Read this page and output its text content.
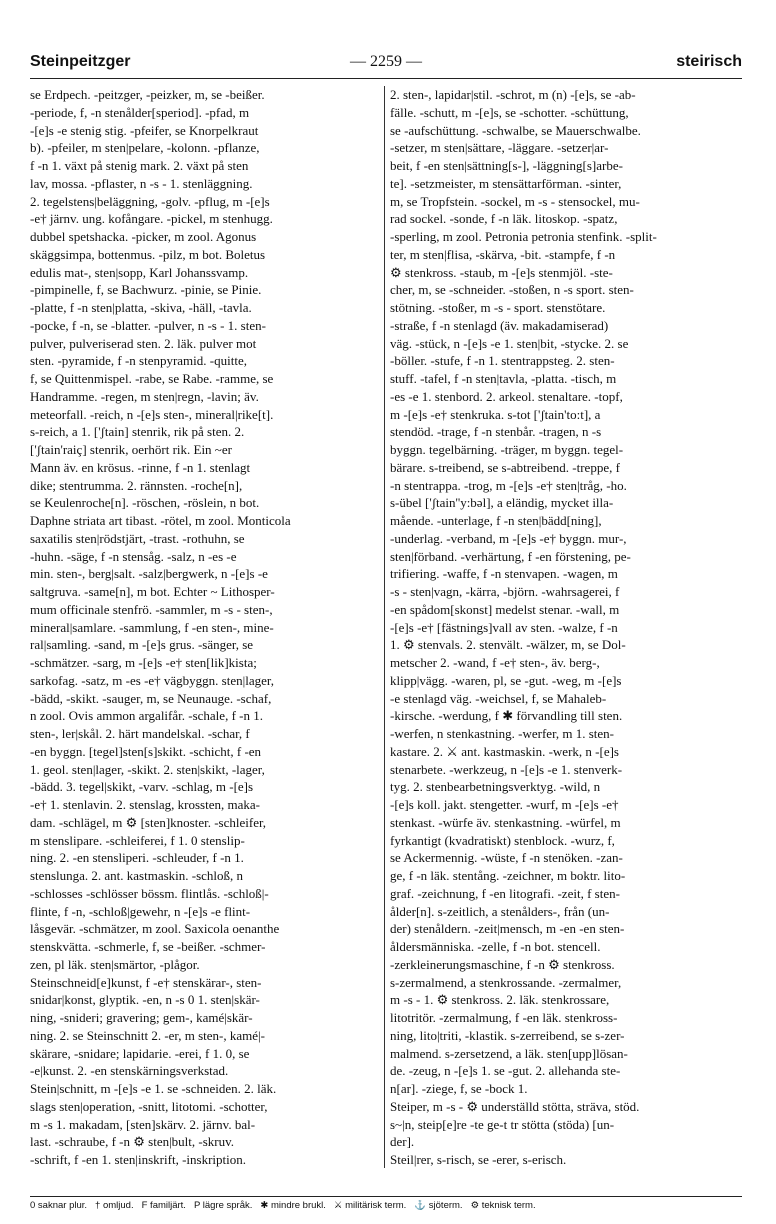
Steinpeitzger	— 2259 —	steirisch

se Erdpech. -peitzger, -peizker, m, se -beißer.

-periode, f, -n stenålder[speriod]. -pfad, m

-[e]s -e stenig stig. -pfeifer, se Knorpelkraut

b). -pfeiler, m sten|pelare, -kolonn. -pflanze,

f -n 1. växt på stenig mark. 2. växt på sten

lav, mossa. -pflaster, n -s - 1. stenläggning.

2. tegelstens|beläggning, -golv. -pflug, m -[e]s

-e† järnv. ung. kofångare. -pickel, m stenhugg.

dubbel spetshacka. -picker, m zool. Agonus

skäggsimpa, bottenmus. -pilz, m bot. Boletus

edulis mat-, sten|sopp, Karl Johanssvamp.

-pimpinelle, f, se Bachwurz. -pinie, se Pinie.

-platte, f -n sten|platta, -skiva, -häll, -tavla.

-pocke, f -n, se -blatter. -pulver, n -s - 1. sten-

pulver, pulveriserad sten. 2. läk. pulver mot

sten. -pyramide, f -n stenpyramid. -quitte,

f, se Quittenmispel. -rabe, se Rabe. -ramme, se

Handramme. -regen, m sten|regn, -lavin; äv.

meteorfall. -reich, n -[e]s sten-, mineral|rike[t].

s-reich, a 1. ['ʃtain] stenrik, rik på sten. 2.

['ʃtain'raiç] stenrik, oerhört rik. Ein ~er

Mann äv. en krösus. -rinne, f -n 1. stenlagt

dike; stentrumma. 2. rännsten. -roche[n],

se Keulenroche[n]. -röschen, -röslein, n bot.

Daphne striata art tibast. -rötel, m zool. Monticola

saxatilis sten|rödstjärt, -trast. -rothuhn, se

-huhn. -säge, f -n stensåg. -salz, n -es -e

min. sten-, berg|salt. -salz|bergwerk, n -[e]s -e

saltgruva. -same[n], m bot. Echter ~ Lithosper-

mum officinale stenfrö. -sammler, m -s - sten-,

mineral|samlare. -sammlung, f -en sten-, mine-

ral|samling. -sand, m -[e]s grus. -sänger, se

-schmätzer. -sarg, m -[e]s -e† sten[lik]kista;

sarkofag. -satz, m -es -e† vägbyggn. sten|lager,

-bädd, -skikt. -sauger, m, se Neunauge. -schaf,

n zool. Ovis ammon argalifår. -schale, f -n 1.

sten-, ler|skål. 2. härt mandelskal. -schar, f

-en byggn. [tegel]sten[s]skikt. -schicht, f -en

1. geol. sten|lager, -skikt. 2. sten|skikt, -lager,

-bädd. 3. tegel|skikt, -varv. -schlag, m -[e]s

-e† 1. stenlavin. 2. stenslag, krossten, maka-

dam. -schlägel, m ⚙ [sten]knoster. -schleifer,

m stenslipare. -schleiferei, f 1. 0 stenslip-

ning. 2. -en stensliperi. -schleuder, f -n 1.

stenslunga. 2. ant. kastmaskin. -schloß, n

-schlosses -schlösser bössm. flintlås. -schloß|-

flinte, f -n, -schloß|gewehr, n -[e]s -e flint-

låsgevär. -schmätzer, m zool. Saxicola oenanthe

stenskvätta. -schmerle, f, se -beißer. -schmer-

zen, pl läk. sten|smärtor, -plågor.

Steinschneid[e]kunst, f -e† stenskärar-, sten-

snidar|konst, glyptik. -en, n -s 0 1. sten|skär-

ning, -snideri; gravering; gem-, kamé|skär-

ning. 2. se Steinschnitt 2. -er, m sten-, kamé|-

skärare, -snidare; lapidarie. -erei, f 1. 0, se

-e|kunst. 2. -en stenskärningsverkstad.

Stein|schnitt, m -[e]s -e 1. se -schneiden. 2. läk.

slags sten|operation, -snitt, litotomi. -schotter,

m -s 1. makadam, [sten]skärv. 2. järnv. bal-

last. -schraube, f -n ⚙ sten|bult, -skruv.

-schrift, f -en 1. sten|inskrift, -inskription.

2. sten-, lapidar|stil. -schrot, m (n) -[e]s, se -ab-

fälle. -schutt, m -[e]s, se -schotter. -schüttung,

se -aufschüttung. -schwalbe, se Mauerschwalbe.

-setzer, m sten|sättare, -läggare. -setzer|ar-

beit, f -en sten|sättning[s-], -läggning[s]arbe-

te]. -setzmeister, m stensättarförman. -sinter,

m, se Tropfstein. -sockel, m -s - stensockel, mu-

rad sockel. -sonde, f -n läk. litoskop. -spatz,

-sperling, m zool. Petronia petronia stenfink. -split-

ter, m sten|flisa, -skärva, -bit. -stampfe, f -n

⚙ stenkross. -staub, m -[e]s stenmjöl. -ste-

cher, m, se -schneider. -stoßen, n -s sport. sten-

stötning. -stoßer, m -s - sport. stenstötare.

-straße, f -n stenlagd (äv. makadamiserad)

väg. -stück, n -[e]s -e 1. sten|bit, -stycke. 2. se

-böller. -stufe, f -n 1. stentrappsteg. 2. sten-

stuff. -tafel, f -n sten|tavla, -platta. -tisch, m

-es -e 1. stenbord. 2. arkeol. stenaltare. -topf,

m -[e]s -e† stenkruka. s-tot ['ʃtain'to:t], a

stendöd. -trage, f -n stenbår. -tragen, n -s

byggn. tegelbärning. -träger, m byggn. tegel-

bärare. s-treibend, se s-abtreibend. -treppe, f

-n stentrappa. -trog, m -[e]s -e† sten|tråg, -ho.

s-übel ['ʃtain''y:bəl], a eländig, mycket illa-

mående. -unterlage, f -n sten|bädd[ning],

-underlag. -verband, m -[e]s -e† byggn. mur-,

sten|förband. -verhärtung, f -en förstening, pe-

trifiering. -waffe, f -n stenvapen. -wagen, m

-s - sten|vagn, -kärra, -björn. -wahrsagerei, f

-en spådom[skonst] medelst stenar. -wall, m

-[e]s -e† [fästnings]vall av sten. -walze, f -n

1. ⚙ stenvals. 2. stenvält. -wälzer, m, se Dol-

metscher 2. -wand, f -e† sten-, äv. berg-,

klipp|vägg. -waren, pl, se -gut. -weg, m -[e]s

-e stenlagd väg. -weichsel, f, se Mahaleb-

-kirsche. -werdung, f ✱ förvandling till sten.

-werfen, n stenkastning. -werfer, m 1. sten-

kastare. 2. ⚔ ant. kastmaskin. -werk, n -[e]s

stenarbete. -werkzeug, n -[e]s -e 1. stenverk-

tyg. 2. stenbearbetningsverktyg. -wild, n

-[e]s koll. jakt. stengetter. -wurf, m -[e]s -e†

stenkast. -würfe äv. stenkastning. -würfel, m

fyrkantigt (kvadratiskt) stenblock. -wurz, f,

se Ackermennig. -wüste, f -n stenöken. -zan-

ge, f -n läk. stentång. -zeichner, m boktr. lito-

graf. -zeichnung, f -en litografi. -zeit, f sten-

ålder[n]. s-zeitlich, a stenålders-, från (un-

der) stenåldern. -zeit|mensch, m -en -en sten-

åldersmänniska. -zelle, f -n bot. stencell.

-zerkleinerungsmaschine, f -n ⚙ stenkross.

s-zermalmend, a stenkrossande. -zermalmer,

m -s - 1. ⚙ stenkross. 2. läk. stenkrossare,

litotritör. -zermalmung, f -en läk. stenkross-

ning, lito|triti, -klastik. s-zerreibend, se s-zer-

malmend. s-zersetzend, a läk. sten[upp]lösan-

de. -zeug, n -[e]s 1. se -gut. 2. allehanda ste-

n[ar]. -ziege, f, se -bock 1.

Steiper, m -s - ⚙ underställd stötta, sträva, stöd.

s~|n, steip[e]re -te ge-t tr stötta (stöda) [un-

der].

Steil|rer, s-risch, se -erer, s-erisch.

0 saknar plur. † omljud. F familjärt. P lägre språk. ✱ mindre brukl. ⚔ militärisk term. ⚓ sjöterm. ⚙ teknisk term.
